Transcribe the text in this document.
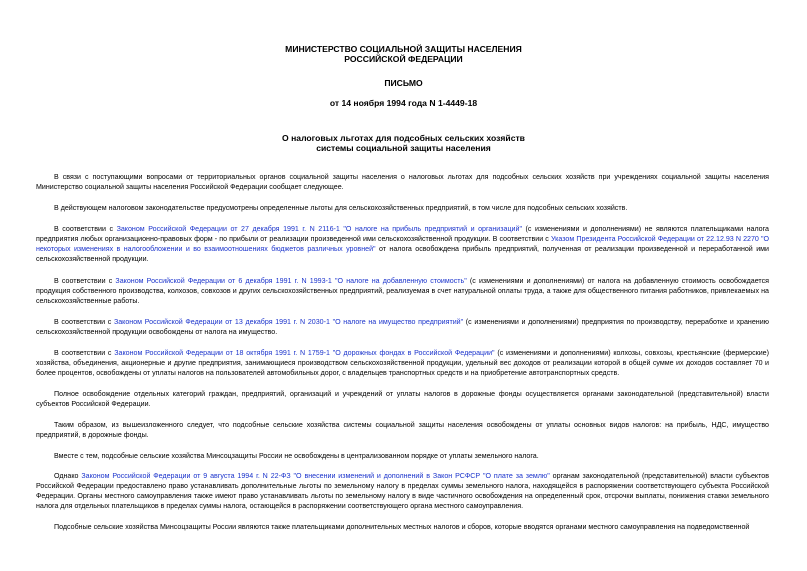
МИНИСТЕРСТВО СОЦИАЛЬНОЙ ЗАЩИТЫ НАСЕЛЕНИЯ
РОССИЙСКОЙ ФЕДЕРАЦИИ
ПИСЬМО
от 14 ноября 1994 года N 1-4449-18
О налоговых льготах для подсобных сельских хозяйств
системы социальной защиты населения
В связи с поступающими вопросами от территориальных органов социальной защиты населения о налоговых льготах для подсобных сельских хозяйств при учреждениях социальной защиты населения Министерство социальной защиты населения Российской Федерации сообщает следующее.
В действующем налоговом законодательстве предусмотрены определенные льготы для сельскохозяйственных предприятий, в том числе для подсобных сельских хозяйств.
В соответствии с Законом Российской Федерации от 27 декабря 1991 г. N 2116-1 "О налоге на прибыль предприятий и организаций" (с изменениями и дополнениями) не являются плательщиками налога предприятия любых организационно-правовых форм - по прибыли от реализации произведенной ими сельскохозяйственной продукции. В соответствии с Указом Президента Российской Федерации от 22.12.93 N 2270 "О некоторых изменениях в налогообложении и во взаимоотношениях бюджетов различных уровней" от налога освобождена прибыль предприятий, полученная от реализации произведенной и переработанной ими сельскохозяйственной продукции.
В соответствии с Законом Российской Федерации от 6 декабря 1991 г. N 1993-1 "О налоге на добавленную стоимость" (с изменениями и дополнениями) от налога на добавленную стоимость освобождается продукция собственного производства, колхозов, совхозов и других сельскохозяйственных предприятий, реализуемая в счет натуральной оплаты труда, а также для общественного питания работников, привлекаемых на сельскохозяйственные работы.
В соответствии с Законом Российской Федерации от 13 декабря 1991 г. N 2030-1 "О налоге на имущество предприятий" (с изменениями и дополнениями) предприятия по производству, переработке и хранению сельскохозяйственной продукции освобождены от налога на имущество.
В соответствии с Законом Российской Федерации от 18 октября 1991 г. N 1759-1 "О дорожных фондах в Российской Федерации" (с изменениями и дополнениями) колхозы, совхозы, крестьянские (фермерские) хозяйства, объединения, акционерные и другие предприятия, занимающиеся производством сельскохозяйственной продукции, удельный вес доходов от реализации которой в общей сумме их доходов составляет 70 и более процентов, освобождены от уплаты налогов на пользователей автомобильных дорог, с владельцев транспортных средств и на приобретение автотранспортных средств.
Полное освобождение отдельных категорий граждан, предприятий, организаций и учреждений от уплаты налогов в дорожные фонды осуществляется органами законодательной (представительной) власти субъектов Российской Федерации.
Таким образом, из вышеизложенного следует, что подсобные сельские хозяйства системы социальной защиты населения освобождены от уплаты основных видов налогов: на прибыль, НДС, имущество предприятий, в дорожные фонды.
Вместе с тем, подсобные сельские хозяйства Минсоцзащиты России не освобождены в централизованном порядке от уплаты земельного налога.
Однако Законом Российской Федерации от 9 августа 1994 г. N 22-ФЗ "О внесении изменений и дополнений в Закон РСФСР "О плате за землю" органам законодательной (представительной) власти субъектов Российской Федерации предоставлено право устанавливать дополнительные льготы по земельному налогу в пределах суммы земельного налога, находящейся в распоряжении соответствующего субъекта Российской Федерации. Органы местного самоуправления также имеют право устанавливать льготы по земельному налогу в виде частичного освобождения на определенный срок, отсрочки выплаты, понижения ставки земельного налога для отдельных плательщиков в пределах суммы налога, остающейся в распоряжении соответствующего органа местного самоуправления.
Подсобные сельские хозяйства Минсоцзащиты России являются также плательщиками дополнительных местных налогов и сборов, которые вводятся органами местного самоуправления на подведомственной
